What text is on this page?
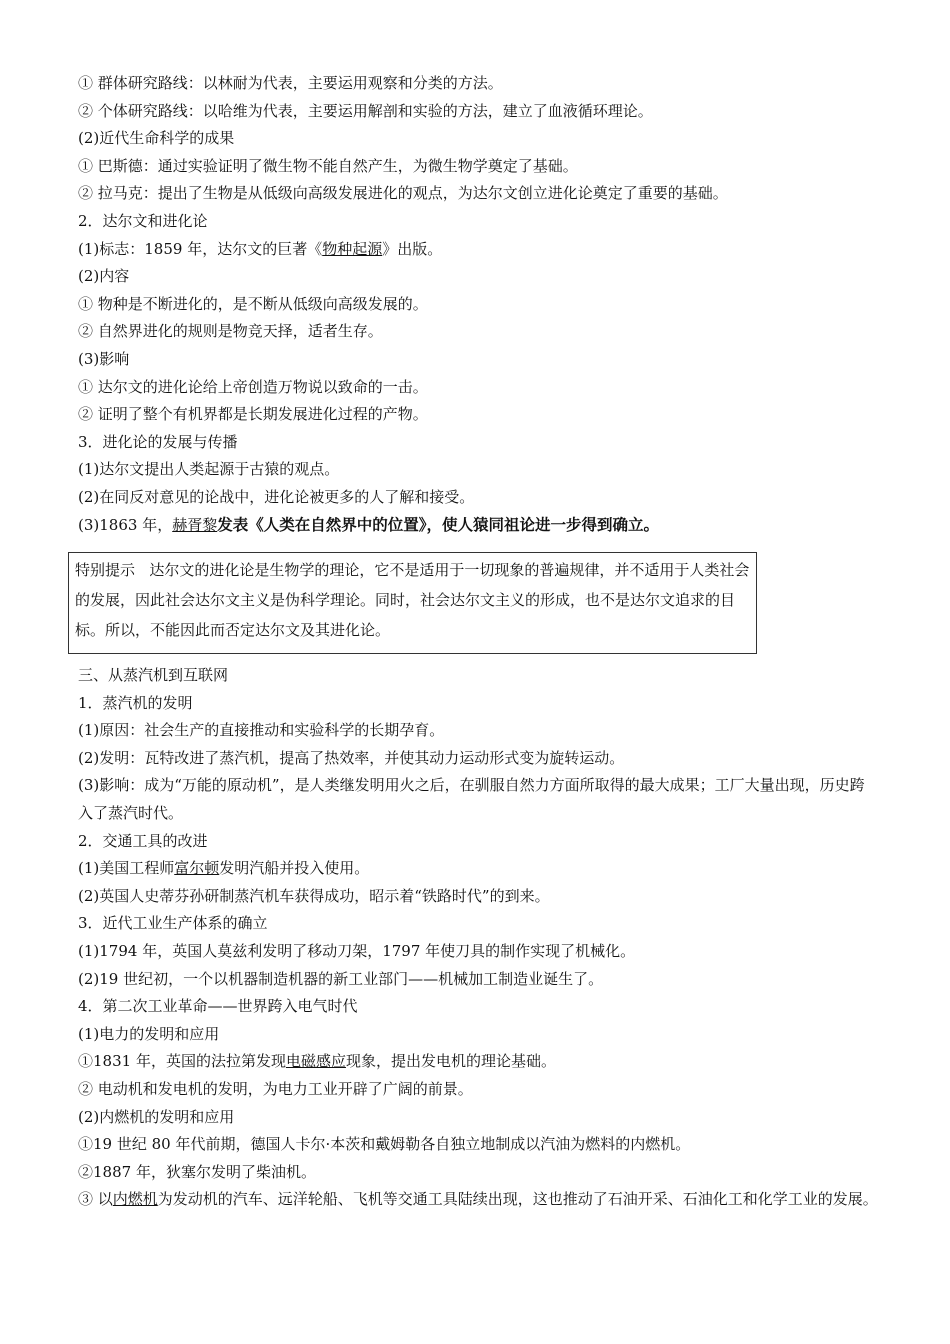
① 群体研究路线：以林耐为代表，主要运用观察和分类的方法。
② 个体研究路线：以哈维为代表，主要运用解剖和实验的方法，建立了血液循环理论。
(2)近代生命科学的成果
① 巴斯德：通过实验证明了微生物不能自然产生，为微生物学奠定了基础。
② 拉马克：提出了生物是从低级向高级发展进化的观点，为达尔文创立进化论奠定了重要的基础。
2．达尔文和进化论
(1)标志：1859 年，达尔文的巨著《物种起源》出版。
(2)内容
① 物种是不断进化的，是不断从低级向高级发展的。
② 自然界进化的规则是物竞天择，适者生存。
(3)影响
① 达尔文的进化论给上帝创造万物说以致命的一击。
② 证明了整个有机界都是长期发展进化过程的产物。
3．进化论的发展与传播
(1)达尔文提出人类起源于古猿的观点。
(2)在同反对意见的论战中，进化论被更多的人了解和接受。
(3)1863 年，赫胥黎发表《人类在自然界中的位置》，使人猿同祖论进一步得到确立。
特别提示 达尔文的进化论是生物学的理论，它不是适用于一切现象的普遍规律，并不适用于人类社会的发展，因此社会达尔文主义是伪科学理论。同时，社会达尔文主义的形成，也不是达尔文追求的目标。所以，不能因此而否定达尔文及其进化论。
三、从蒸汽机到互联网
1．蒸汽机的发明
(1)原因：社会生产的直接推动和实验科学的长期孕育。
(2)发明：瓦特改进了蒸汽机，提高了热效率，并使其动力运动形式变为旋转运动。
(3)影响：成为“万能的原动机”，是人类继发明用火之后，在驯服自然力方面所取得的最大成果；工厂大量出现，历史跨入了蒸汽时代。
2．交通工具的改进
(1)美国工程师富尔顿发明汽船并投入使用。
(2)英国人史蒂芬孙研制蒸汽机车获得成功，昭示着“铁路时代”的到来。
3．近代工业生产体系的确立
(1)1794 年，英国人莫兹利发明了移动刀架，1797 年使刀具的制作实现了机械化。
(2)19 世纪初，一个以机器制造机器的新工业部门——机械加工制造业诞生了。
4．第二次工业革命——世界跨入电气时代
(1)电力的发明和应用
①1831 年，英国的法拉第发现电磁感应现象，提出发电机的理论基础。
② 电动机和发电机的发明，为电力工业开辟了广阔的前景。
(2)内燃机的发明和应用
①19 世纪 80 年代前期，德国人卡尔·本茨和戴姆勒各自独立地制成以汽油为燃料的内燃机。
②1887 年，狄塞尔发明了柴油机。
③ 以内燃机为发动机的汽车、远洋轮船、飞机等交通工具陆续出现，这也推动了石油开采、石油化工和化学工业的发展。
